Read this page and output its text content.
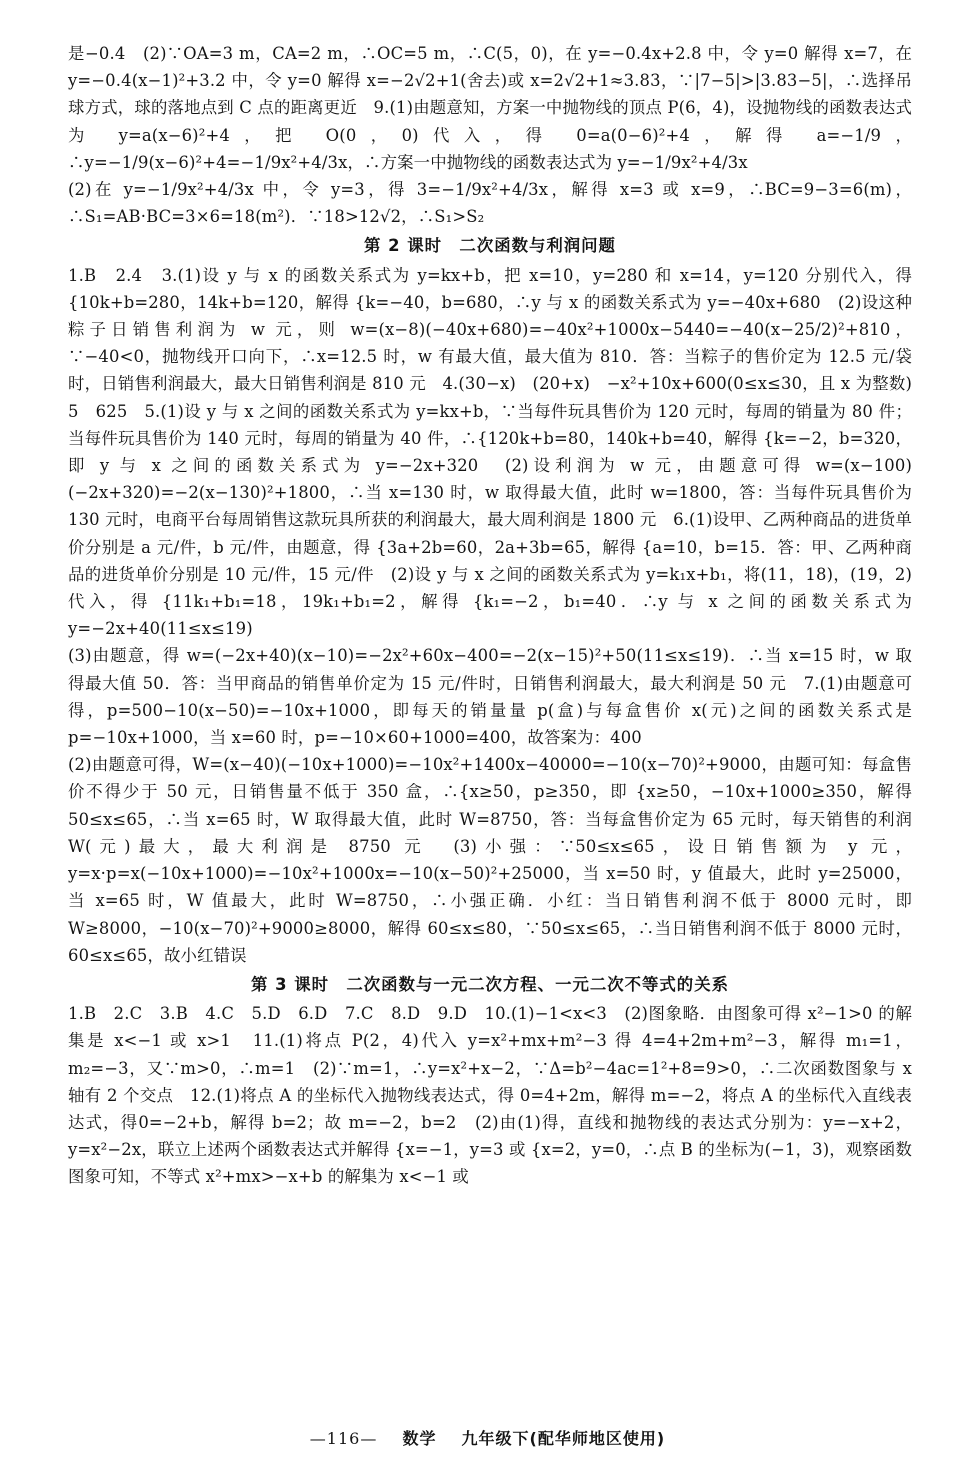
是−0.4　(2)∵OA=3 m，CA=2 m，∴OC=5 m，∴C(5，0)，在 y=−0.4x+2.8 中，令 y=0 解得 x=7，在 y=−0.4(x−1)²+3.2 中，令 y=0 解得 x=−2√2+1(舍去)或 x=2√2+1≈3.83，∵|7−5|>|3.83−5|，∴选择吊球方式，球的落地点到 C 点的距离更近　9.(1)由题意知，方案一中抛物线的顶点 P(6，4)，设抛物线的函数表达式为 y=a(x−6)²+4，把 O(0，0)代入，得 0=a(0−6)²+4，解得 a=−1/9，∴y=−1/9(x−6)²+4=−1/9x²+4/3x，∴方案一中抛物线的函数表达式为 y=−1/9x²+4/3x

(2)在 y=−1/9x²+4/3x 中，令 y=3，得 3=−1/9x²+4/3x，解得 x=3 或 x=9，∴BC=9−3=6(m)，∴S₁=AB·BC=3×6=18(m²)．∵18>12√2，∴S₁>S₂

第 2 课时　二次函数与利润问题

1.B　2.4　3.(1)设 y 与 x 的函数关系式为 y=kx+b，把 x=10，y=280 和 x=14，y=120 分别代入，得 {10k+b=280，14k+b=120，解得 {k=−40，b=680，∴y 与 x 的函数关系式为 y=−40x+680　(2)设这种粽子日销售利润为 w 元，则 w=(x−8)(−40x+680)=−40x²+1000x−5440=−40(x−25/2)²+810，∵−40<0，抛物线开口向下，∴x=12.5 时，w 有最大值，最大值为 810．答：当粽子的售价定为 12.5 元/袋时，日销售利润最大，最大日销售利润是 810 元　4.(30−x)　(20+x)　−x²+10x+600(0≤x≤30，且 x 为整数)　5　625　5.(1)设 y 与 x 之间的函数关系式为 y=kx+b，∵当每件玩具售价为 120 元时，每周的销量为 80 件；当每件玩具售价为 140 元时，每周的销量为 40 件，∴{120k+b=80，140k+b=40，解得 {k=−2，b=320，即 y 与 x 之间的函数关系式为 y=−2x+320　(2)设利润为 w 元，由题意可得 w=(x−100)(−2x+320)=−2(x−130)²+1800，∴当 x=130 时，w 取得最大值，此时 w=1800，答：当每件玩具售价为 130 元时，电商平台每周销售这款玩具所获的利润最大，最大周利润是 1800 元　6.(1)设甲、乙两种商品的进货单价分别是 a 元/件，b 元/件，由题意，得 {3a+2b=60，2a+3b=65，解得 {a=10，b=15．答：甲、乙两种商品的进货单价分别是 10 元/件，15 元/件　(2)设 y 与 x 之间的函数关系式为 y=k₁x+b₁，将(11，18)，(19，2)代入，得 {11k₁+b₁=18，19k₁+b₁=2，解得 {k₁=−2，b₁=40．∴y 与 x 之间的函数关系式为 y=−2x+40(11≤x≤19)

(3)由题意，得 w=(−2x+40)(x−10)=−2x²+60x−400=−2(x−15)²+50(11≤x≤19)．∴当 x=15 时，w 取得最大值 50．答：当甲商品的销售单价定为 15 元/件时，日销售利润最大，最大利润是 50 元　7.(1)由题意可得，p=500−10(x−50)=−10x+1000，即每天的销量量 p(盒)与每盒售价 x(元)之间的函数关系式是 p=−10x+1000，当 x=60 时，p=−10×60+1000=400，故答案为：400

(2)由题意可得，W=(x−40)(−10x+1000)=−10x²+1400x−40000=−10(x−70)²+9000，由题可知：每盒售价不得少于 50 元，日销售量不低于 350 盒，∴{x≥50，p≥350，即 {x≥50，−10x+1000≥350，解得 50≤x≤65，∴当 x=65 时，W 取得最大值，此时 W=8750，答：当每盒售价定为 65 元时，每天销售的利润 W(元)最大，最大利润是 8750 元　(3)小强：∵50≤x≤65，设日销售额为 y 元，y=x·p=x(−10x+1000)=−10x²+1000x=−10(x−50)²+25000，当 x=50 时，y 值最大，此时 y=25000，当 x=65 时，W 值最大，此时 W=8750，∴小强正确．小红：当日销售利润不低于 8000 元时，即 W≥8000，−10(x−70)²+9000≥8000，解得 60≤x≤80，∵50≤x≤65，∴当日销售利润不低于 8000 元时，60≤x≤65，故小红错误

第 3 课时　二次函数与一元二次方程、一元二次不等式的关系

1.B　2.C　3.B　4.C　5.D　6.D　7.C　8.D　9.D　10.(1)−1<x<3　(2)图象略．由图象可得 x²−1>0 的解集是 x<−1 或 x>1　11.(1)将点 P(2，4)代入 y=x²+mx+m²−3 得 4=4+2m+m²−3，解得 m₁=1，m₂=−3，又∵m>0，∴m=1　(2)∵m=1，∴y=x²+x−2，∵Δ=b²−4ac=1²+8=9>0，∴二次函数图象与 x 轴有 2 个交点　12.(1)将点 A 的坐标代入抛物线表达式，得 0=4+2m，解得 m=−2，将点 A 的坐标代入直线表达式，得0=−2+b，解得 b=2；故 m=−2，b=2　(2)由(1)得，直线和抛物线的表达式分别为：y=−x+2，y=x²−2x，联立上述两个函数表达式并解得 {x=−1，y=3 或 {x=2，y=0，∴点 B 的坐标为(−1，3)，观察函数图象可知，不等式 x²+mx>−x+b 的解集为 x<−1 或

—116— 数学 九年级下(配华师地区使用)
